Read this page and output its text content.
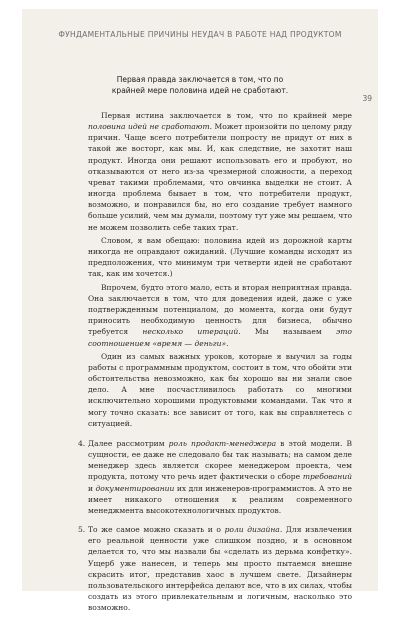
ФУНДАМЕНТАЛЬНЫЕ ПРИЧИНЫ НЕУДАЧ В РАБОТЕ НАД ПРОДУКТОМ
39
Первая правда заключается в том, что по крайней мере половина идей не сработают.

Первая истина заключается в том, что по крайней мере половина идей не сработают. Может произойти по целому ряду причин. Чаще всего потребители попросту не придут от них в такой же восторг, как мы. И, как следствие, не захотят наш продукт. Иногда они решают использовать его и пробуют, но отказываются от него из-за чрезмерной сложности, а переход чреват такими проблемами, что овчинка выделки не стоит. А иногда проблема бывает в том, что потребители продукт, возможно, и понравился бы, но его создание требует намного больше усилий, чем мы думали, поэтому тут уже мы решаем, что не можем позволить себе таких трат.

Словом, я вам обещаю: половина идей из дорожной карты никогда не оправдают ожиданий. (Лучшие команды исходят из предположения, что минимум три четверти идей не сработают так, как им хочется.)

Впрочем, будто этого мало, есть и вторая неприятная правда. Она заключается в том, что для доведения идей, даже с уже подтвержденным потенциалом, до момента, когда они будут приносить необходимую ценность для бизнеса, обычно требуется несколько итераций. Мы называем это соотношением «время — деньги».

Один из самых важных уроков, которые я выучил за годы работы с программным продуктом, состоит в том, что обойти эти обстоятельства невозможно, как бы хорошо вы ни знали свое дело. А мне посчастливилось работать со многими исключительно хорошими продуктовыми командами. Так что я могу точно сказать: все зависит от того, как вы справляетесь с ситуацией.

4. Далее рассмотрим роль продакт-менеджера в этой модели. В сущности, ее даже не следовало бы так называть; на самом деле менеджер здесь является скорее менеджером проекта, чем продукта, потому что речь идет фактически о сборе требований и документировании их для инженеров-программистов. А это не имеет никакого отношения к реалиям современного менеджмента высокотехнологичных продуктов.
5. То же самое можно сказать и о роли дизайна. Для извлечения его реальной ценности уже слишком поздно, и в основном делается то, что мы назвали бы «сделать из дерьма конфетку». Ущерб уже нанесен, и теперь мы просто пытаемся внешне скрасить итог, представив хаос в лучшем свете. Дизайнеры пользовательского интерфейса делают все, что в их силах, чтобы создать из этого привлекательным и логичным, насколько это возможно.
